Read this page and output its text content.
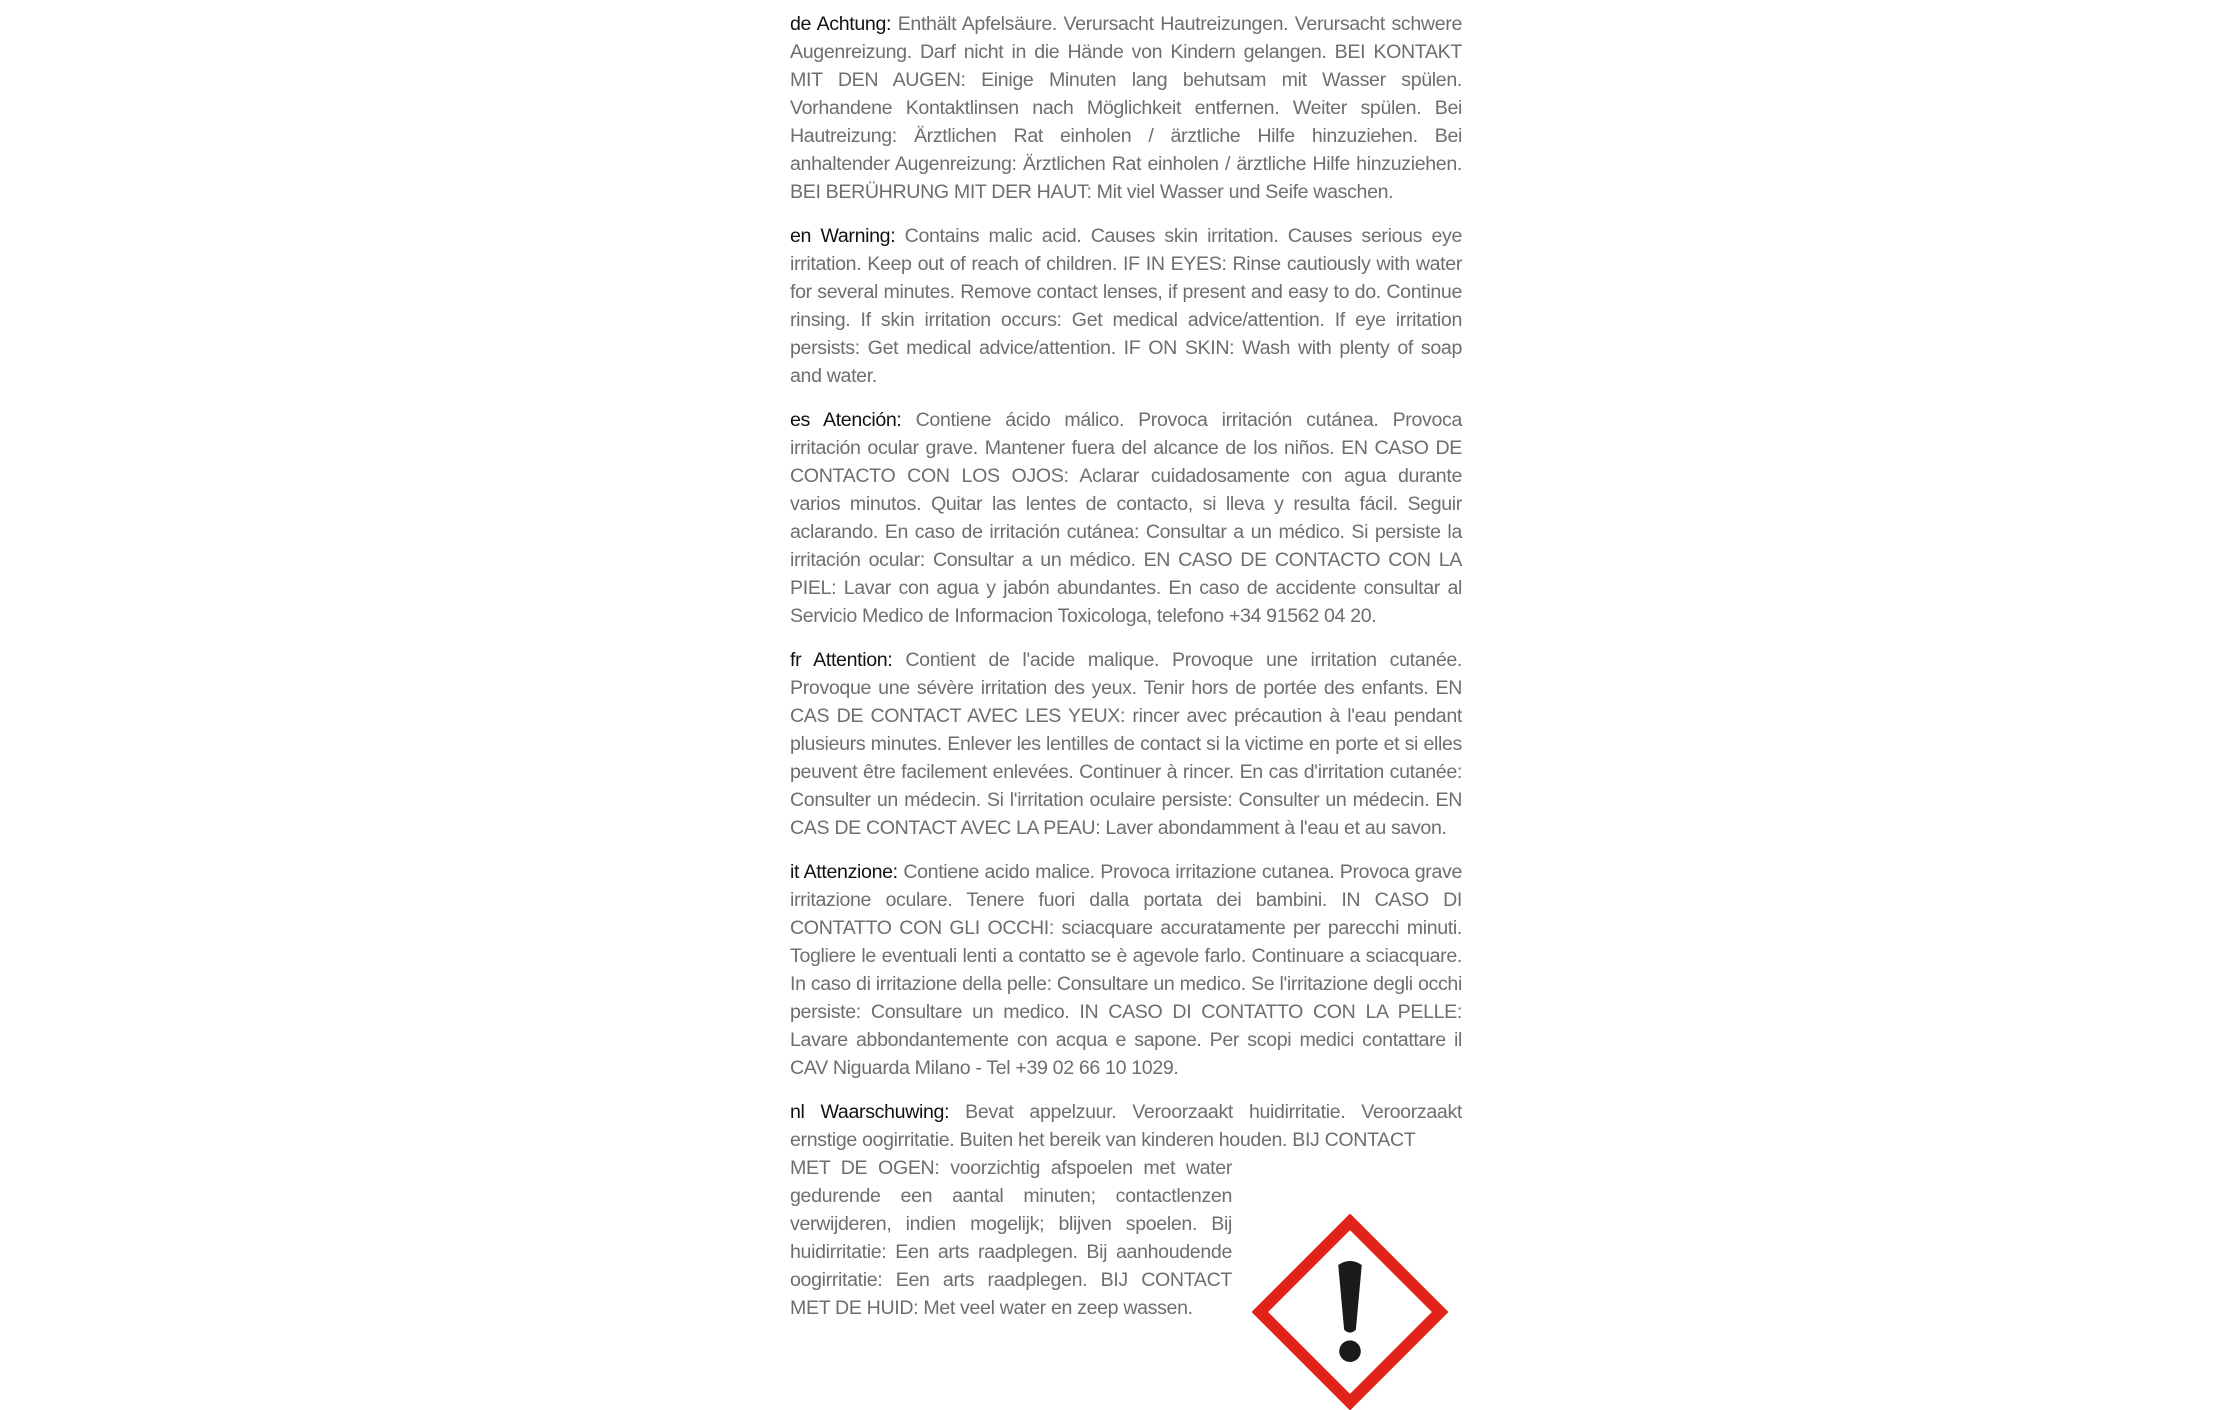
de Achtung: Enthält Apfelsäure. Verursacht Hautreizungen. Verursacht schwere Augenreizung. Darf nicht in die Hände von Kindern gelangen. BEI KONTAKT MIT DEN AUGEN: Einige Minuten lang behutsam mit Wasser spülen. Vorhandene Kontaktlinsen nach Möglichkeit entfernen. Weiter spülen. Bei Hautreizung: Ärztlichen Rat einholen / ärztliche Hilfe hinzuziehen. Bei anhaltender Augenreizung: Ärztlichen Rat einholen / ärztliche Hilfe hinzuziehen. BEI BERÜHRUNG MIT DER HAUT: Mit viel Wasser und Seife waschen.

en Warning: Contains malic acid. Causes skin irritation. Causes serious eye irritation. Keep out of reach of children. IF IN EYES: Rinse cautiously with water for several minutes. Remove contact lenses, if present and easy to do. Continue rinsing. If skin irritation occurs: Get medical advice/attention. If eye irritation persists: Get medical advice/attention. IF ON SKIN: Wash with plenty of soap and water.

es Atención: Contiene ácido málico. Provoca irritación cutánea. Provoca irritación ocular grave. Mantener fuera del alcance de los niños. EN CASO DE CONTACTO CON LOS OJOS: Aclarar cuidadosamente con agua durante varios minutos. Quitar las lentes de contacto, si lleva y resulta fácil. Seguir aclarando. En caso de irritación cutánea: Consultar a un médico. Si persiste la irritación ocular: Consultar a un médico. EN CASO DE CONTACTO CON LA PIEL: Lavar con agua y jabón abundantes. En caso de accidente consultar al Servicio Medico de Informacion Toxicologa, telefono +34 91562 04 20.

fr Attention: Contient de l'acide malique. Provoque une irritation cutanée. Provoque une sévère irritation des yeux. Tenir hors de portée des enfants. EN CAS DE CONTACT AVEC LES YEUX: rincer avec précaution à l'eau pendant plusieurs minutes. Enlever les lentilles de contact si la victime en porte et si elles peuvent être facilement enlevées. Continuer à rincer. En cas d'irritation cutanée: Consulter un médecin. Si l'irritation oculaire persiste: Consulter un médecin. EN CAS DE CONTACT AVEC LA PEAU: Laver abondamment à l'eau et au savon.

it Attenzione: Contiene acido malice. Provoca irritazione cutanea. Provoca grave irritazione oculare. Tenere fuori dalla portata dei bambini. IN CASO DI CONTATTO CON GLI OCCHI: sciacquare accuratamente per parecchi minuti. Togliere le eventuali lenti a contatto se è agevole farlo. Continuare a sciacquare. In caso di irritazione della pelle: Consultare un medico. Se l'irritazione degli occhi persiste: Consultare un medico. IN CASO DI CONTATTO CON LA PELLE: Lavare abbondantemente con acqua e sapone. Per scopi medici contattare il CAV Niguarda Milano - Tel +39 02 66 10 1029.

nl Waarschuwing: Bevat appelzuur. Veroorzaakt huidirritatie. Veroorzaakt ernstige oogirritatie. Buiten het bereik van kinderen houden. BIJ CONTACT

MET DE OGEN: voorzichtig afspoelen met water gedurende een aantal minuten; contactlenzen verwijderen, indien mogelijk; blijven spoelen. Bij huidirritatie: Een arts raadplegen. Bij aanhoudende oogirritatie: Een arts raadplegen. BIJ CONTACT MET DE HUID: Met veel water en zeep wassen.
